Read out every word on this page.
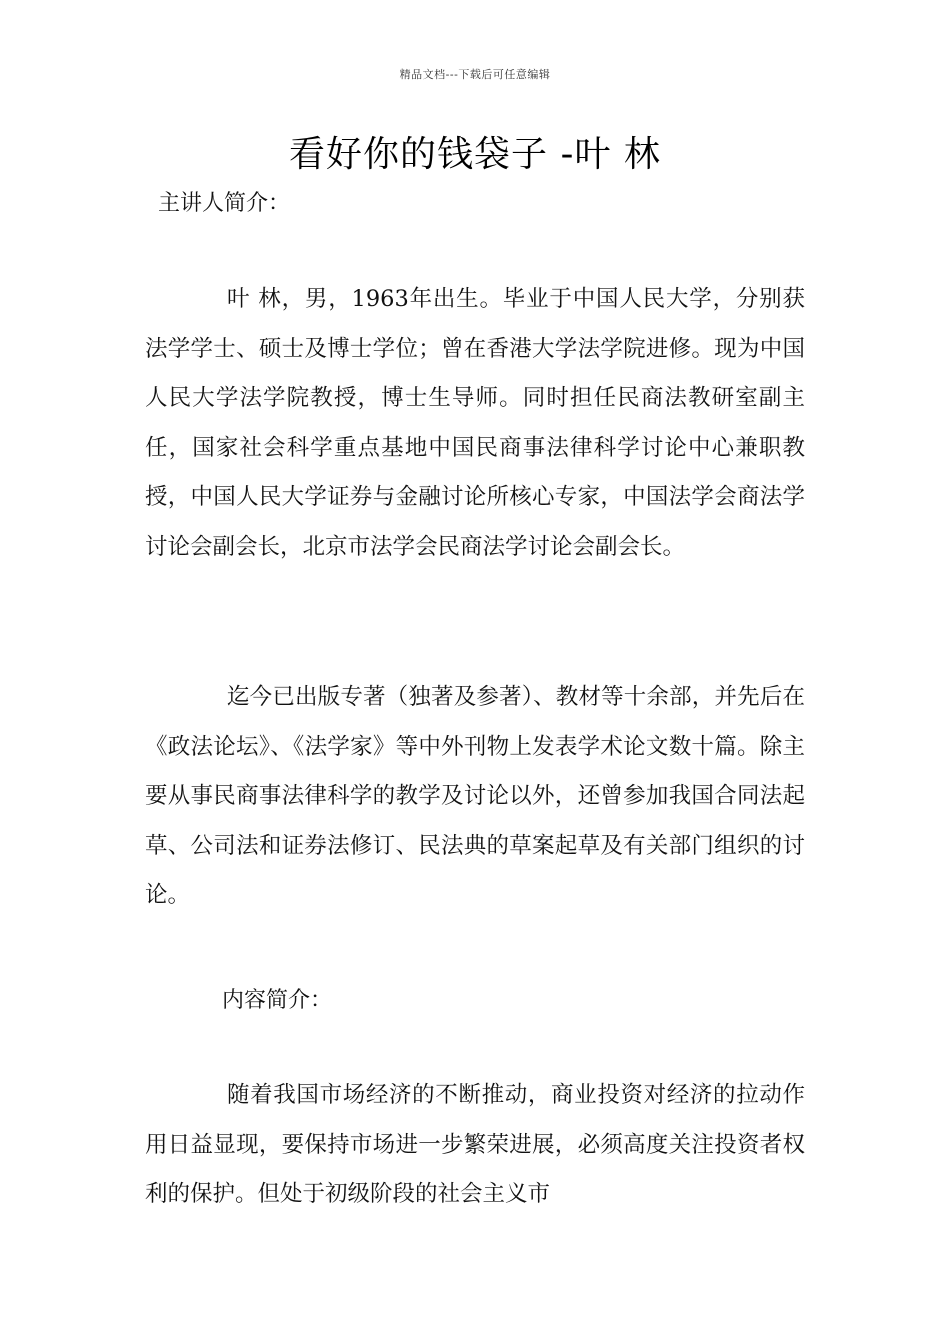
精品文档---下载后可任意编辑
看好你的钱袋子 -叶 林
主讲人简介：
叶 林，男，1963年出生。毕业于中国人民大学，分别获法学学士、硕士及博士学位；曾在香港大学法学院进修。现为中国人民大学法学院教授，博士生导师。同时担任民商法教研室副主任，国家社会科学重点基地中国民商事法律科学讨论中心兼职教授，中国人民大学证券与金融讨论所核心专家，中国法学会商法学讨论会副会长，北京市法学会民商法学讨论会副会长。
迄今已出版专著（独著及参著）、教材等十余部，并先后在《政法论坛》、《法学家》等中外刊物上发表学术论文数十篇。除主要从事民商事法律科学的教学及讨论以外，还曾参加我国合同法起草、公司法和证券法修订、民法典的草案起草及有关部门组织的讨论。
内容简介：
随着我国市场经济的不断推动，商业投资对经济的拉动作用日益显现，要保持市场进一步繁荣进展，必须高度关注投资者权利的保护。但处于初级阶段的社会主义市
